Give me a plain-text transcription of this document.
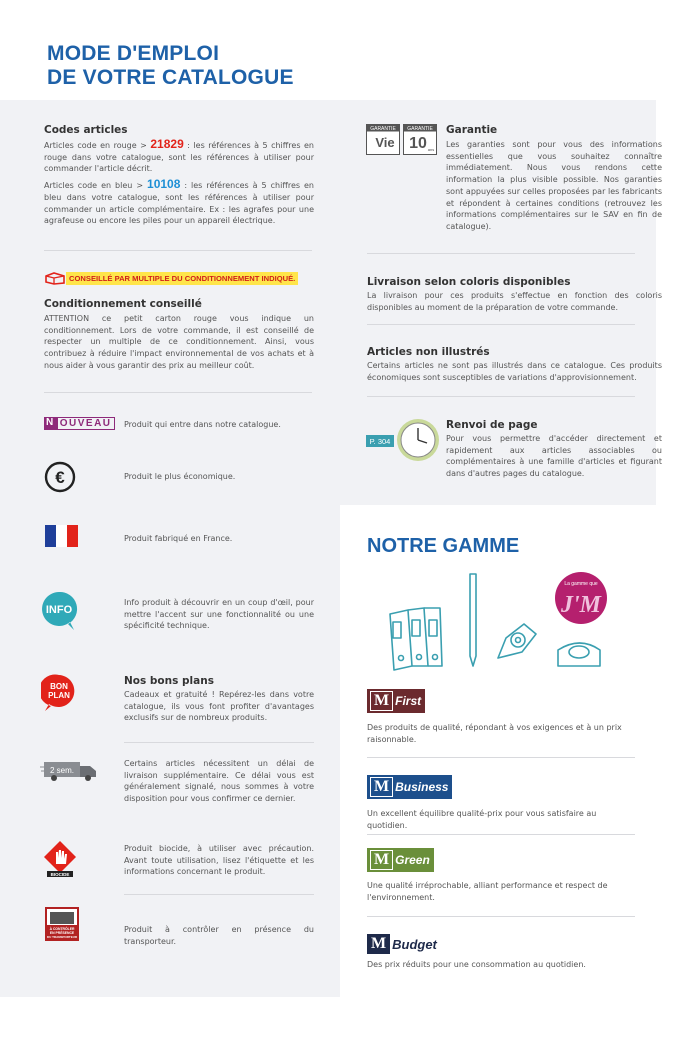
MODE D'EMPLOI
DE VOTRE CATALOGUE
Codes articles
Articles code en rouge > 21829 : les références à 5 chiffres en rouge dans votre catalogue, sont les références à utiliser pour commander l'article décrit.
Articles code en bleu > 10108 : les références à 5 chiffres en bleu dans votre catalogue, sont les références à utiliser pour commander un article complémentaire. Ex : les agrafes pour une agrafeuse ou encore les piles pour un appareil électrique.
CONSEILLÉ PAR MULTIPLE DU CONDITIONNEMENT INDIQUÉ.
Conditionnement conseillé
ATTENTION ce petit carton rouge vous indique un conditionnement. Lors de votre commande, il est conseillé de respecter un multiple de ce conditionnement. Ainsi, vous contribuez à réduire l'impact environnemental de vos achats et à nous aider à vous garantir des prix au meilleur coût.
N OUVEAU	Produit qui entre dans notre catalogue.
€	Produit le plus économique.
Produit fabriqué en France.
INFO
Info produit à découvrir en un coup d'œil, pour mettre l'accent sur une fonctionnalité ou une spécificité technique.
BON
PLAN
Nos bons plans
Cadeaux et gratuité ! Repérez-les dans votre catalogue, ils vous font profiter d'avantages exclusifs sur de nombreux produits.
2 sem.
Certains articles nécessitent un délai de livraison supplémentaire. Ce délai vous est généralement signalé, nous sommes à votre disposition pour vous confirmer ce dernier.
BIOCIDE
Produit biocide, à utiliser avec précaution. Avant toute utilisation, lisez l'étiquette et les informations concernant le produit.
À CONTRÔLER
EN PRÉSENCE
DU TRANSPORTEUR
Produit à contrôler en présence du transporteur.
GARANTIE
Vie
GARANTIE
10 ans
Garantie
Les garanties sont pour vous des informations essentielles que vous souhaitez connaître immédiatement. Nous vous rendons cette information la plus visible possible. Nos garanties sont appuyées sur celles proposées par les fabricants et répondent à certaines conditions (retrouvez les informations complémentaires sur le SAV en fin de catalogue).
Livraison selon coloris disponibles
La livraison pour ces produits s'effectue en fonction des coloris disponibles au moment de la préparation de votre commande.
Articles non illustrés
Certains articles ne sont pas illustrés dans ce catalogue. Ces produits économiques sont susceptibles de variations d'approvisionnement.
P. 304
Renvoi de page
Pour vous permettre d'accéder directement et rapidement aux articles associables ou complémentaires à une famille d'articles et figurant dans d'autres pages du catalogue.
NOTRE GAMME
La gamme que
J'M
M First
Des produits de qualité, répondant à vos exigences et à un prix raisonnable.
M Business
Un excellent équilibre qualité-prix pour vous satisfaire au quotidien.
M Green
Une qualité irréprochable, alliant performance et respect de l'environnement.
M Budget
Des prix réduits pour une consommation au quotidien.
